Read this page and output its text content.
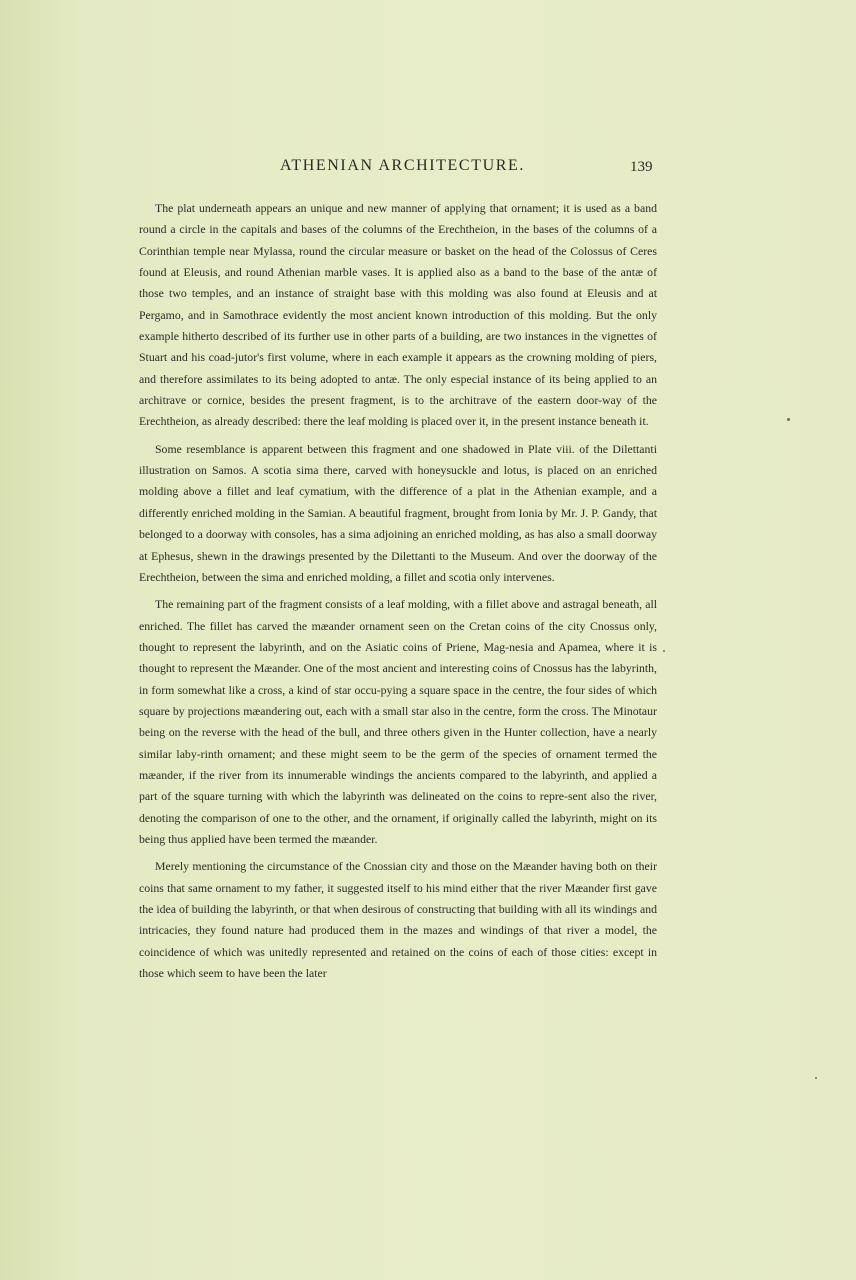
ATHENIAN ARCHITECTURE.	139

The plat underneath appears an unique and new manner of applying that ornament; it is used as a band round a circle in the capitals and bases of the columns of the Erechtheion, in the bases of the columns of a Corinthian temple near Mylassa, round the circular measure or basket on the head of the Colossus of Ceres found at Eleusis, and round Athenian marble vases. It is applied also as a band to the base of the antæ of those two temples, and an instance of straight base with this molding was also found at Eleusis and at Pergamo, and in Samothrace evidently the most ancient known introduction of this molding. But the only example hitherto described of its further use in other parts of a building, are two instances in the vignettes of Stuart and his coad-jutor's first volume, where in each example it appears as the crowning molding of piers, and therefore assimilates to its being adopted to antæ. The only especial instance of its being applied to an architrave or cornice, besides the present fragment, is to the architrave of the eastern door-way of the Erechtheion, as already described: there the leaf molding is placed over it, in the present instance beneath it.

Some resemblance is apparent between this fragment and one shadowed in Plate viii. of the Dilettanti illustration on Samos. A scotia sima there, carved with honeysuckle and lotus, is placed on an enriched molding above a fillet and leaf cymatium, with the difference of a plat in the Athenian example, and a differently enriched molding in the Samian. A beautiful fragment, brought from Ionia by Mr. J. P. Gandy, that belonged to a doorway with consoles, has a sima adjoining an enriched molding, as has also a small doorway at Ephesus, shewn in the drawings presented by the Dilettanti to the Museum. And over the doorway of the Erechtheion, between the sima and enriched molding, a fillet and scotia only intervenes.

The remaining part of the fragment consists of a leaf molding, with a fillet above and astragal beneath, all enriched. The fillet has carved the mæander ornament seen on the Cretan coins of the city Cnossus only, thought to represent the labyrinth, and on the Asiatic coins of Priene, Mag-nesia and Apamea, where it is thought to represent the Mæander. One of the most ancient and interesting coins of Cnossus has the labyrinth, in form somewhat like a cross, a kind of star occu-pying a square space in the centre, the four sides of which square by projections mæandering out, each with a small star also in the centre, form the cross. The Minotaur being on the reverse with the head of the bull, and three others given in the Hunter collection, have a nearly similar laby-rinth ornament; and these might seem to be the germ of the species of ornament termed the mæander, if the river from its innumerable windings the ancients compared to the labyrinth, and applied a part of the square turning with which the labyrinth was delineated on the coins to repre-sent also the river, denoting the comparison of one to the other, and the ornament, if originally called the labyrinth, might on its being thus applied have been termed the mæander.

Merely mentioning the circumstance of the Cnossian city and those on the Mæander having both on their coins that same ornament to my father, it suggested itself to his mind either that the river Mæander first gave the idea of building the labyrinth, or that when desirous of constructing that building with all its windings and intricacies, they found nature had produced them in the mazes and windings of that river a model, the coincidence of which was unitedly represented and retained on the coins of each of those cities: except in those which seem to have been the later
